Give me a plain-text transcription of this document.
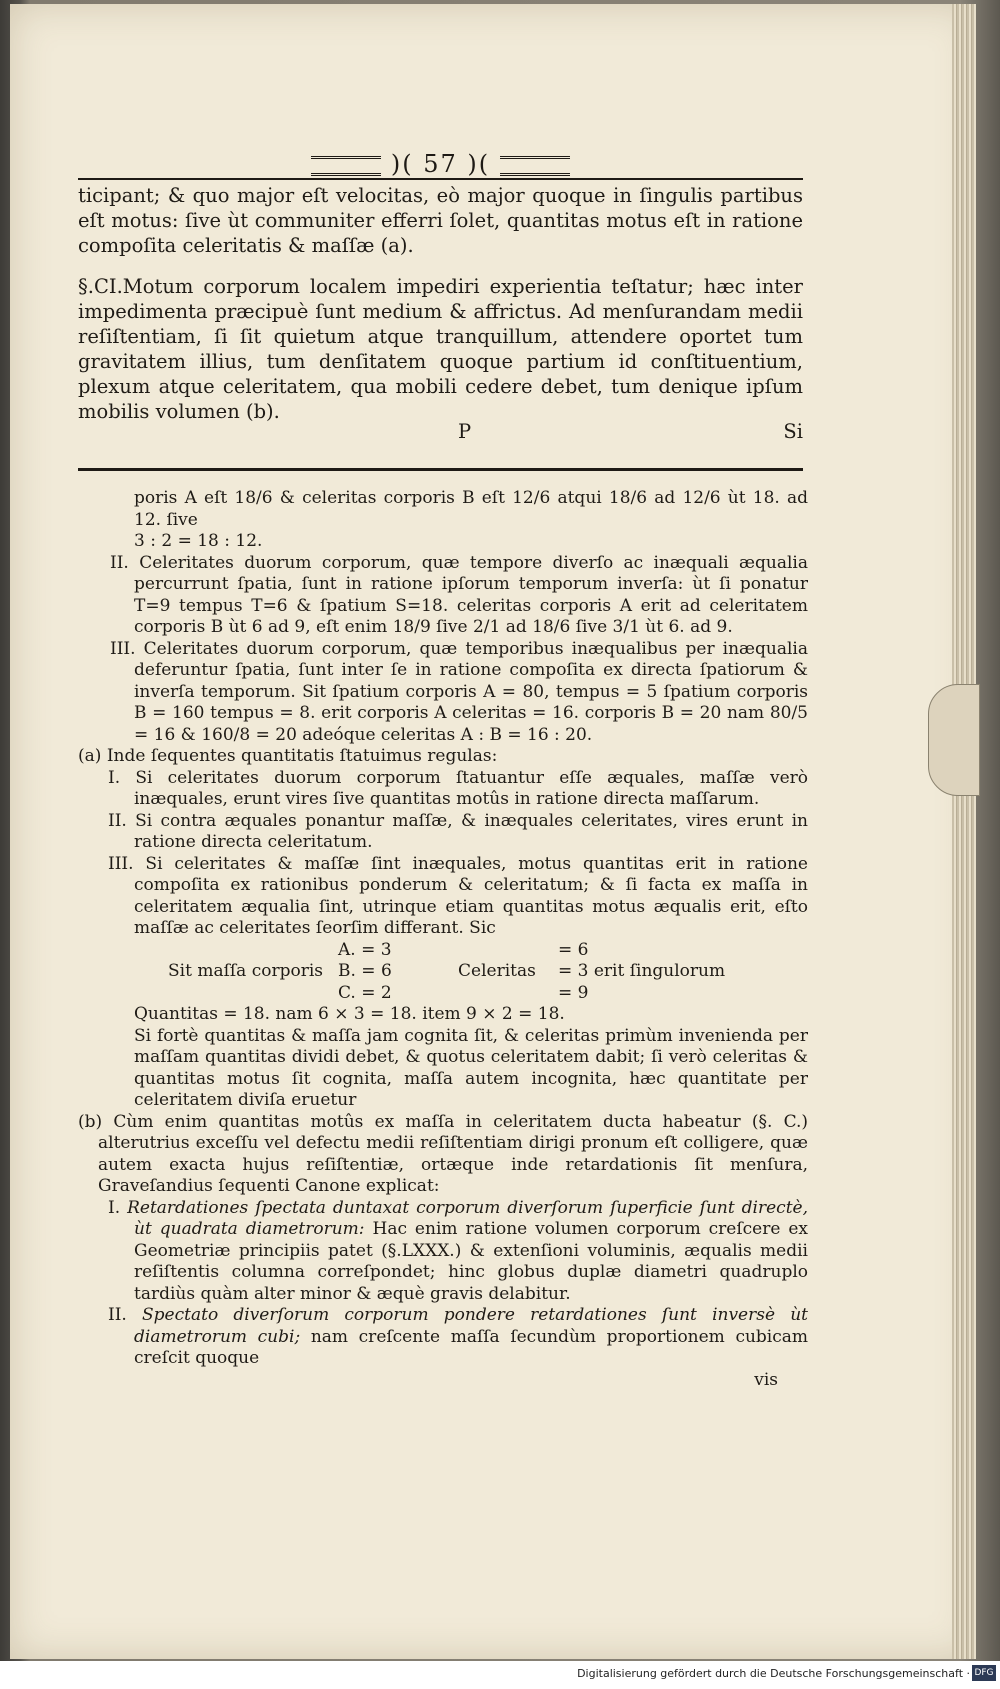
)( 57 )(

ticipant; & quo major eſt velocitas, eò major quoque in ſingulis partibus eſt motus: ſive ùt communiter efferri ſolet, quantitas motus eſt in ratione compoſita celeritatis & maſſæ (a).

§.CI.Motum corporum localem impediri experientia teſtatur; hæc inter impedimenta præcipuè ſunt medium & affrictus. Ad menſurandam medii reſiſtentiam, ſi ſit quietum atque tranquillum, attendere oportet tum gravitatem illius, tum denſitatem quoque partium id conſtituentium, plexum atque celeritatem, qua mobili cedere debet, tum denique ipſum mobilis volumen (b).

P	Si

poris A eſt 18/6 & celeritas corporis B eſt 12/6 atqui 18/6 ad 12/6 ùt 18. ad 12. ſive

3 : 2 = 18 : 12.

II. Celeritates duorum corporum, quæ tempore diverſo ac inæquali æqualia percurrunt ſpatia, ſunt in ratione ipſorum temporum inverſa: ùt ſi ponatur T=9 tempus T=6 & ſpatium S=18. celeritas corporis A erit ad celeritatem corporis B ùt 6 ad 9, eſt enim 18/9 ſive 2/1 ad 18/6 ſive 3/1 ùt 6. ad 9.

III. Celeritates duorum corporum, quæ temporibus inæqualibus per inæqualia deferuntur ſpatia, ſunt inter ſe in ratione compoſita ex directa ſpatiorum & inverſa temporum. Sit ſpatium corporis A = 80, tempus = 5 ſpatium corporis B = 160 tempus = 8. erit corporis A celeritas = 16. corporis B = 20 nam 80/5 = 16 & 160/8 = 20 adeóque celeritas A : B = 16 : 20.

(a) Inde ſequentes quantitatis ſtatuimus regulas:

I. Si celeritates duorum corporum ſtatuantur eſſe æquales, maſſæ verò inæquales, erunt vires ſive quantitas motûs in ratione directa maſſarum.

II. Si contra æquales ponantur maſſæ, & inæquales celeritates, vires erunt in ratione directa celeritatum.

III. Si celeritates & maſſæ ſint inæquales, motus quantitas erit in ratione compoſita ex rationibus ponderum & celeritatum; & ſi facta ex maſſa in celeritatem æqualia ſint, utrinque etiam quantitas motus æqualis erit, eſto maſſæ ac celeritates ſeorſim differant. Sic

A. = 3	= 6
Sit maſſa corporis B. = 6	Celeritas	= 3 erit ſingulorum
C. = 2	= 9

Quantitas = 18. nam 6 × 3 = 18. item 9 × 2 = 18.

Si fortè quantitas & maſſa jam cognita ſit, & celeritas primùm invenienda per maſſam quantitas dividi debet, & quotus celeritatem dabit; ſi verò celeritas & quantitas motus ſit cognita, maſſa autem incognita, hæc quantitate per celeritatem diviſa eruetur

(b) Cùm enim quantitas motûs ex maſſa in celeritatem ducta habeatur (§. C.) alterutrius exceſſu vel defectu medii reſiſtentiam dirigi pronum eſt colligere, quæ autem exacta hujus reſiſtentiæ, ortæque inde retardationis ſit menſura, Graveſandius ſequenti Canone explicat:

I. Retardationes ſpectata duntaxat corporum diverſorum ſuperficie ſunt directè, ùt quadrata diametrorum: Hac enim ratione volumen corporum creſcere ex Geometriæ principiis patet (§.LXXX.) & extenſioni voluminis, æqualis medii reſiſtentis columna correſpondet; hinc globus duplæ diametri quadruplo tardiùs quàm alter minor & æquè gravis delabitur.

II. Spectato diverſorum corporum pondere retardationes ſunt inversè ùt diametrorum cubi; nam creſcente maſſa ſecundùm proportionem cubicam creſcit quoque

vis

Digitalisierung gefördert durch die Deutsche Forschungsgemeinschaft · DFG
